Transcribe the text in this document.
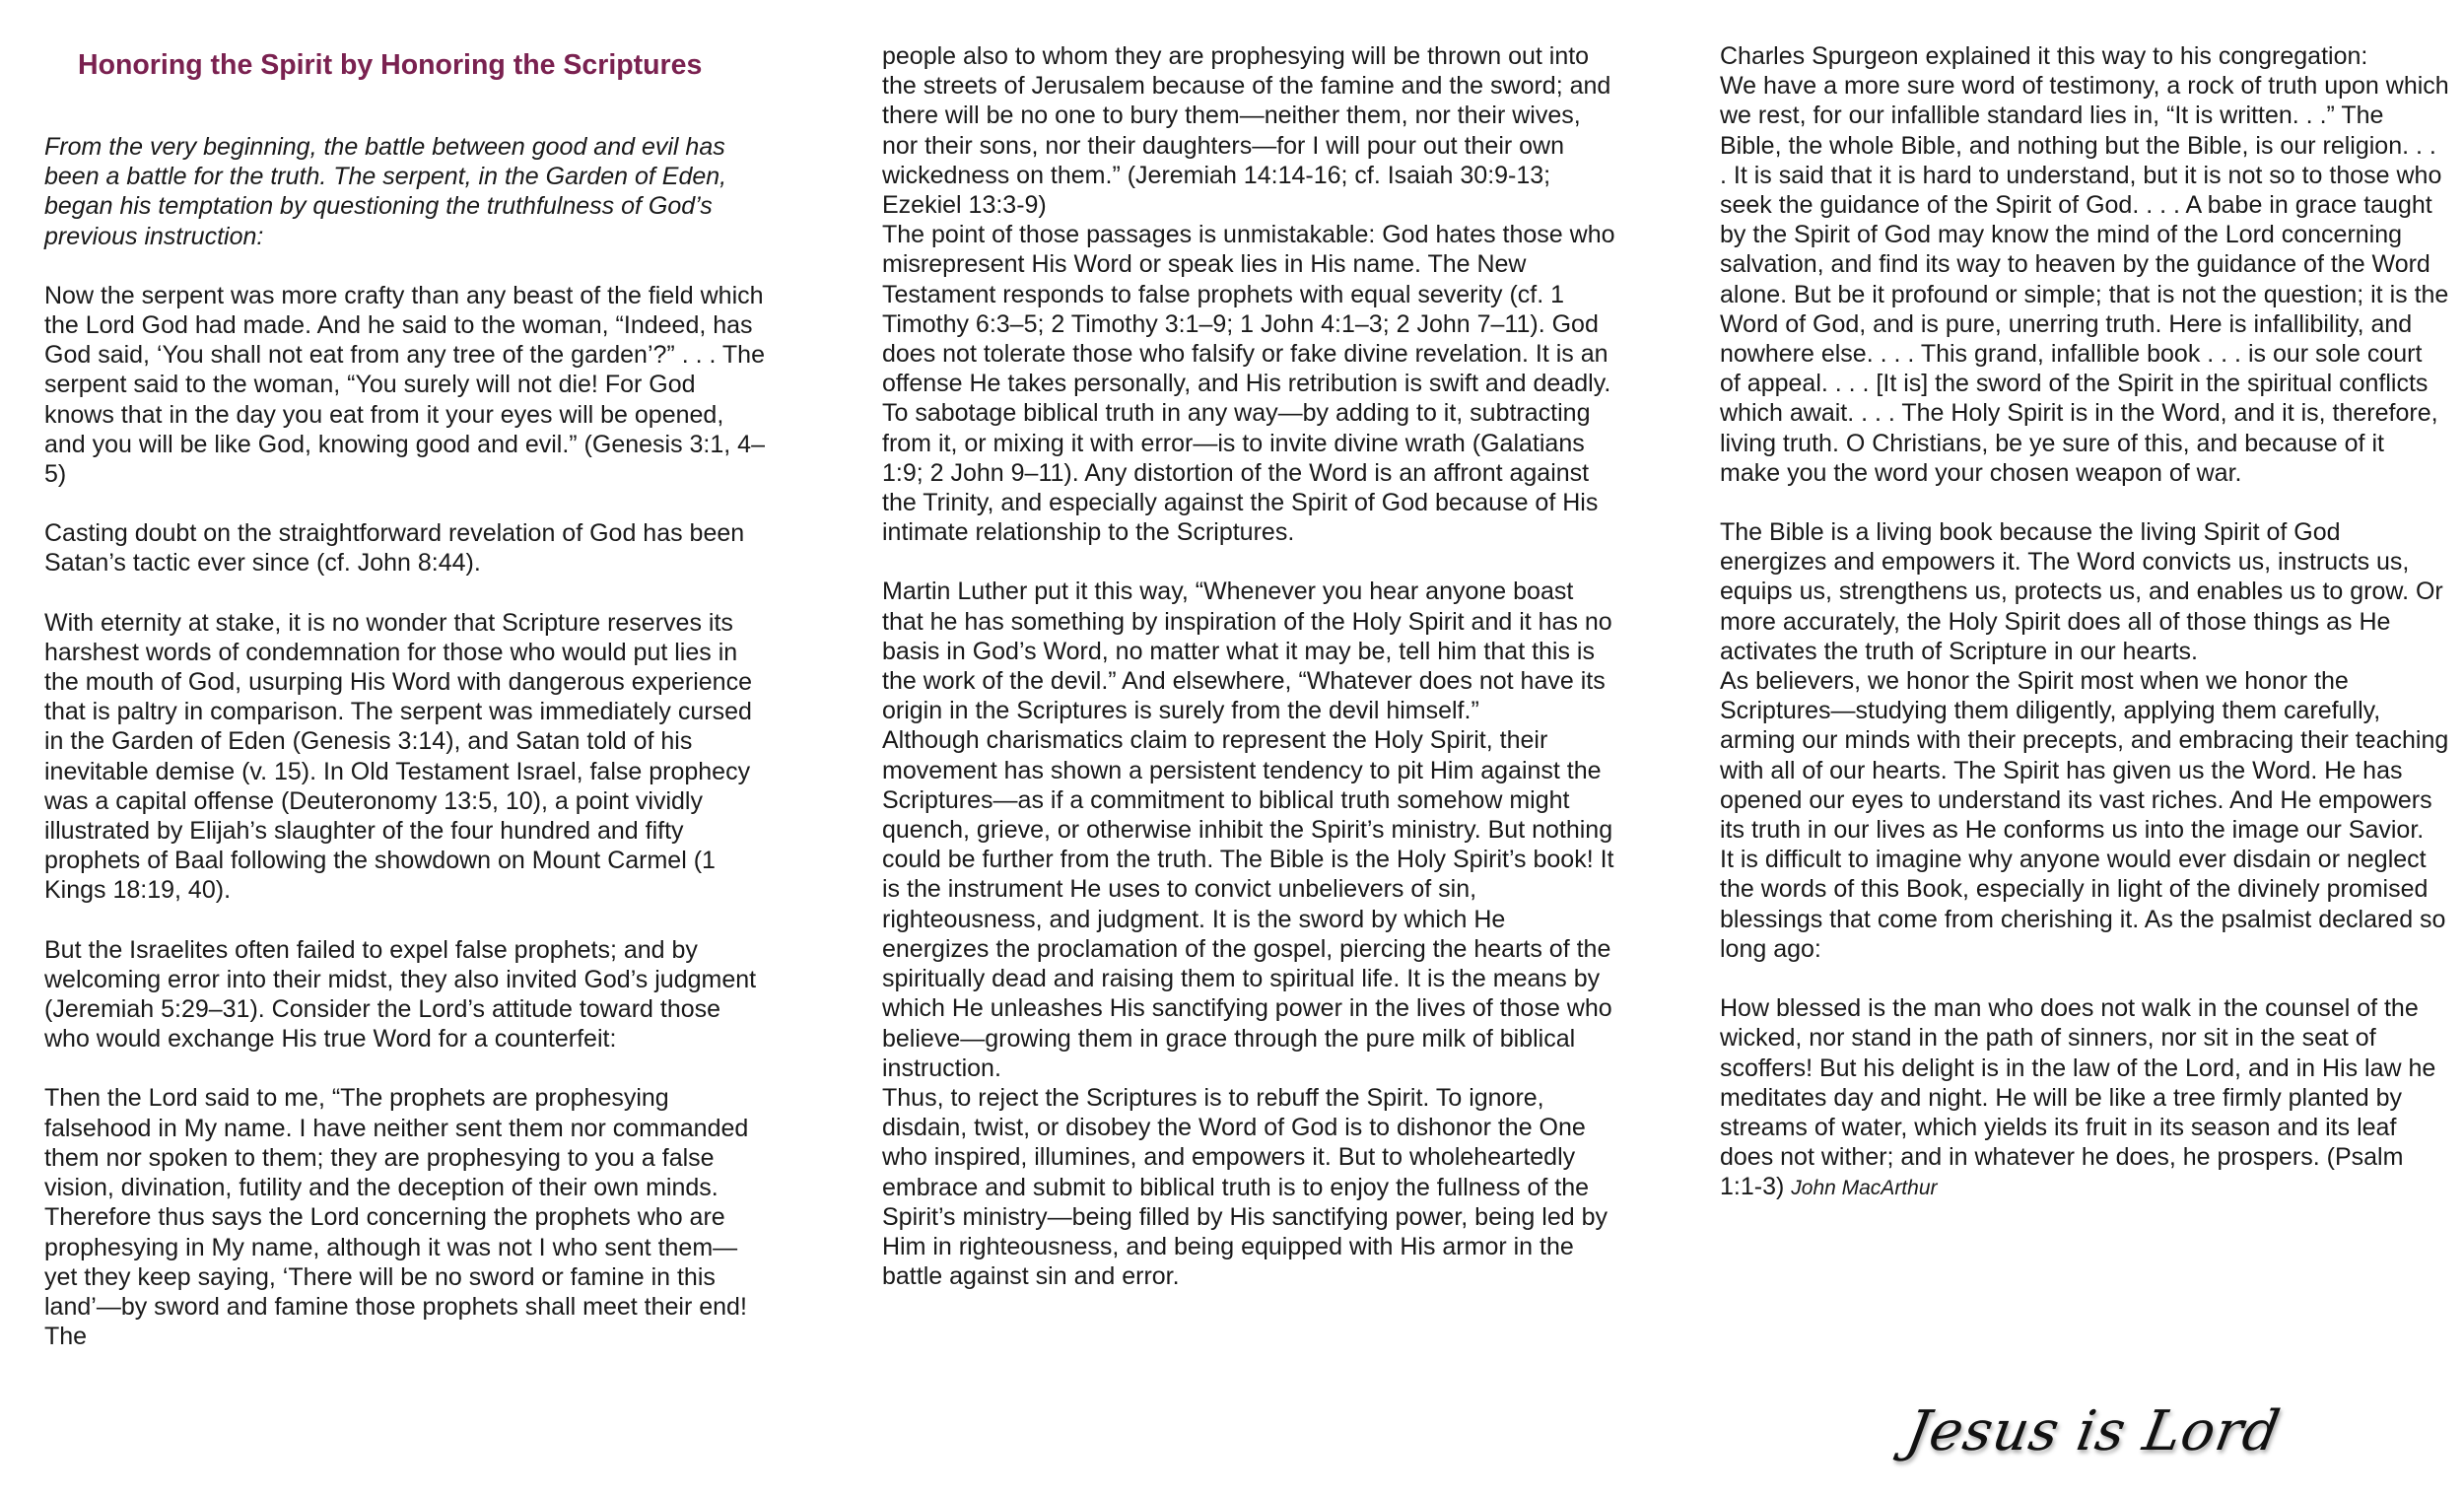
Honoring the Spirit by Honoring the Scriptures

From the very beginning, the battle between good and evil has been a battle for the truth. The serpent, in the Garden of Eden, began his temptation by questioning the truthfulness of God’s previous instruction:

Now the serpent was more crafty than any beast of the field which the Lord God had made. And he said to the woman, “Indeed, has God said, ‘You shall not eat from any tree of the garden’?” . . . The serpent said to the woman, “You surely will not die! For God knows that in the day you eat from it your eyes will be opened, and you will be like God, knowing good and evil.” (Genesis 3:1, 4–5)

Casting doubt on the straightforward revelation of God has been Satan’s tactic ever since (cf. John 8:44).

With eternity at stake, it is no wonder that Scripture reserves its harshest words of condemnation for those who would put lies in the mouth of God, usurping His Word with dangerous experience that is paltry in comparison. The serpent was immediately cursed in the Garden of Eden (Genesis 3:14), and Satan told of his inevitable demise (v. 15). In Old Testament Israel, false prophecy was a capital offense (Deuteronomy 13:5, 10), a point vividly illustrated by Elijah’s slaughter of the four hundred and fifty prophets of Baal following the showdown on Mount Carmel (1 Kings 18:19, 40).

But the Israelites often failed to expel false prophets; and by welcoming error into their midst, they also invited God’s judgment (Jeremiah 5:29–31). Consider the Lord’s attitude toward those who would exchange His true Word for a counterfeit:

Then the Lord said to me, “The prophets are prophesying falsehood in My name. I have neither sent them nor commanded them nor spoken to them; they are prophesying to you a false vision, divination, futility and the deception of their own minds. Therefore thus says the Lord concerning the prophets who are prophesying in My name, although it was not I who sent them—yet they keep saying, ‘There will be no sword or famine in this land’—by sword and famine those prophets shall meet their end! The

people also to whom they are prophesying will be thrown out into the streets of Jerusalem because of the famine and the sword; and there will be no one to bury them—neither them, nor their wives, nor their sons, nor their daughters—for I will pour out their own wickedness on them.” (Jeremiah 14:14-16; cf. Isaiah 30:9-13; Ezekiel 13:3-9)

The point of those passages is unmistakable: God hates those who misrepresent His Word or speak lies in His name. The New Testament responds to false prophets with equal severity (cf. 1 Timothy 6:3–5; 2 Timothy 3:1–9; 1 John 4:1–3; 2 John 7–11). God does not tolerate those who falsify or fake divine revelation. It is an offense He takes personally, and His retribution is swift and deadly. To sabotage biblical truth in any way—by adding to it, subtracting from it, or mixing it with error—is to invite divine wrath (Galatians 1:9; 2 John 9–11). Any distortion of the Word is an affront against the Trinity, and especially against the Spirit of God because of His intimate relationship to the Scriptures.

Martin Luther put it this way, “Whenever you hear anyone boast that he has something by inspiration of the Holy Spirit and it has no basis in God’s Word, no matter what it may be, tell him that this is the work of the devil.” And elsewhere, “Whatever does not have its origin in the Scriptures is surely from the devil himself.”

Although charismatics claim to represent the Holy Spirit, their movement has shown a persistent tendency to pit Him against the Scriptures—as if a commitment to biblical truth somehow might quench, grieve, or otherwise inhibit the Spirit’s ministry. But nothing could be further from the truth. The Bible is the Holy Spirit’s book! It is the instrument He uses to convict unbelievers of sin, righteousness, and judgment. It is the sword by which He energizes the proclamation of the gospel, piercing the hearts of the spiritually dead and raising them to spiritual life. It is the means by which He unleashes His sanctifying power in the lives of those who believe—growing them in grace through the pure milk of biblical instruction.

Thus, to reject the Scriptures is to rebuff the Spirit. To ignore, disdain, twist, or disobey the Word of God is to dishonor the One who inspired, illumines, and empowers it. But to wholeheartedly embrace and submit to biblical truth is to enjoy the fullness of the Spirit’s ministry—being filled by His sanctifying power, being led by Him in righteousness, and being equipped with His armor in the battle against sin and error.

Charles Spurgeon explained it this way to his congregation:

We have a more sure word of testimony, a rock of truth upon which we rest, for our infallible standard lies in, “It is written. . .” The Bible, the whole Bible, and nothing but the Bible, is our religion. . . . It is said that it is hard to understand, but it is not so to those who seek the guidance of the Spirit of God. . . . A babe in grace taught by the Spirit of God may know the mind of the Lord concerning salvation, and find its way to heaven by the guidance of the Word alone. But be it profound or simple; that is not the question; it is the Word of God, and is pure, unerring truth. Here is infallibility, and nowhere else. . . . This grand, infallible book . . . is our sole court of appeal. . . . [It is] the sword of the Spirit in the spiritual conflicts which await. . . . The Holy Spirit is in the Word, and it is, therefore, living truth. O Christians, be ye sure of this, and because of it make you the word your chosen weapon of war.

The Bible is a living book because the living Spirit of God energizes and empowers it. The Word convicts us, instructs us, equips us, strengthens us, protects us, and enables us to grow. Or more accurately, the Holy Spirit does all of those things as He activates the truth of Scripture in our hearts.

As believers, we honor the Spirit most when we honor the Scriptures—studying them diligently, applying them carefully, arming our minds with their precepts, and embracing their teaching with all of our hearts. The Spirit has given us the Word. He has opened our eyes to understand its vast riches. And He empowers its truth in our lives as He conforms us into the image our Savior.

It is difficult to imagine why anyone would ever disdain or neglect the words of this Book, especially in light of the divinely promised blessings that come from cherishing it. As the psalmist declared so long ago:

How blessed is the man who does not walk in the counsel of the wicked, nor stand in the path of sinners, nor sit in the seat of scoffers! But his delight is in the law of the Lord, and in His law he meditates day and night. He will be like a tree firmly planted by streams of water, which yields its fruit in its season and its leaf does not wither; and in whatever he does, he prospers. (Psalm 1:1-3) John MacArthur

Jesus is Lord
